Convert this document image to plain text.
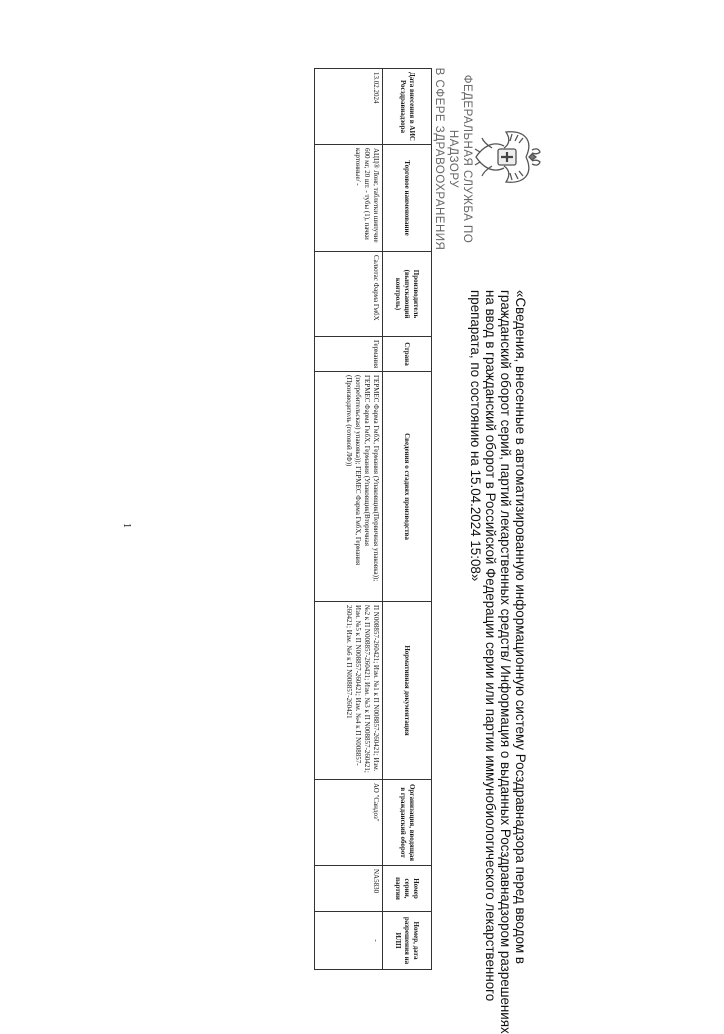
ФЕДЕРАЛЬНАЯ СЛУЖБА ПО НАДЗОРУ
В СФЕРЕ ЗДРАВООХРАНЕНИЯ

«Сведения, внесенные в автоматизированную информационную систему Росздравнадзора перед вводом в

гражданский оборот серий, партий лекарственных средств/ Информация о выданных Росздравнадзором разрешениях

на ввод в гражданский оборот в Российской Федерации серии или партии иммунобиологического лекарственного

препарата, по состоянию на 15.04.2024 15:08»

Дата внесения в АИС Росздравнадзора	Торговое наименование	Производитель (выпускающий контроль)	Страна	Сведения о стадиях производства	Нормативная документация	Организация, вводящая в гражданский оборот	Номер серии, партии	Номер, дата разрешения на ИЛП
13.02.2024	АЦЦ® Лонг, таблетки шипучие 600 мг, 20 шт. - тубы (1), пачки картонные/ -	Салютас Фарма ГмбХ	Германия	ГЕРМЕС Фарма ГмбХ, Германия (Упаковщик(Первичная упаковка)); ГЕРМЕС Фарма ГмбХ, Германия (Упаковщик(Вторичная (потребительская) упаковка)); ГЕРМЕС Фарма ГмбХ, Германия (Производитель (готовой ЛФ))	П N008857-260421; Изм. №1 к П N008857-260421; Изм. №2 к П N008857-260421; Изм. №3 к П N008857-260421; Изм. №5 к П N008857-260421; Изм. №4 к П N008857-260421; Изм. №6 к П N008857-260421	АО "Сандоз"	NA5830	-
1
